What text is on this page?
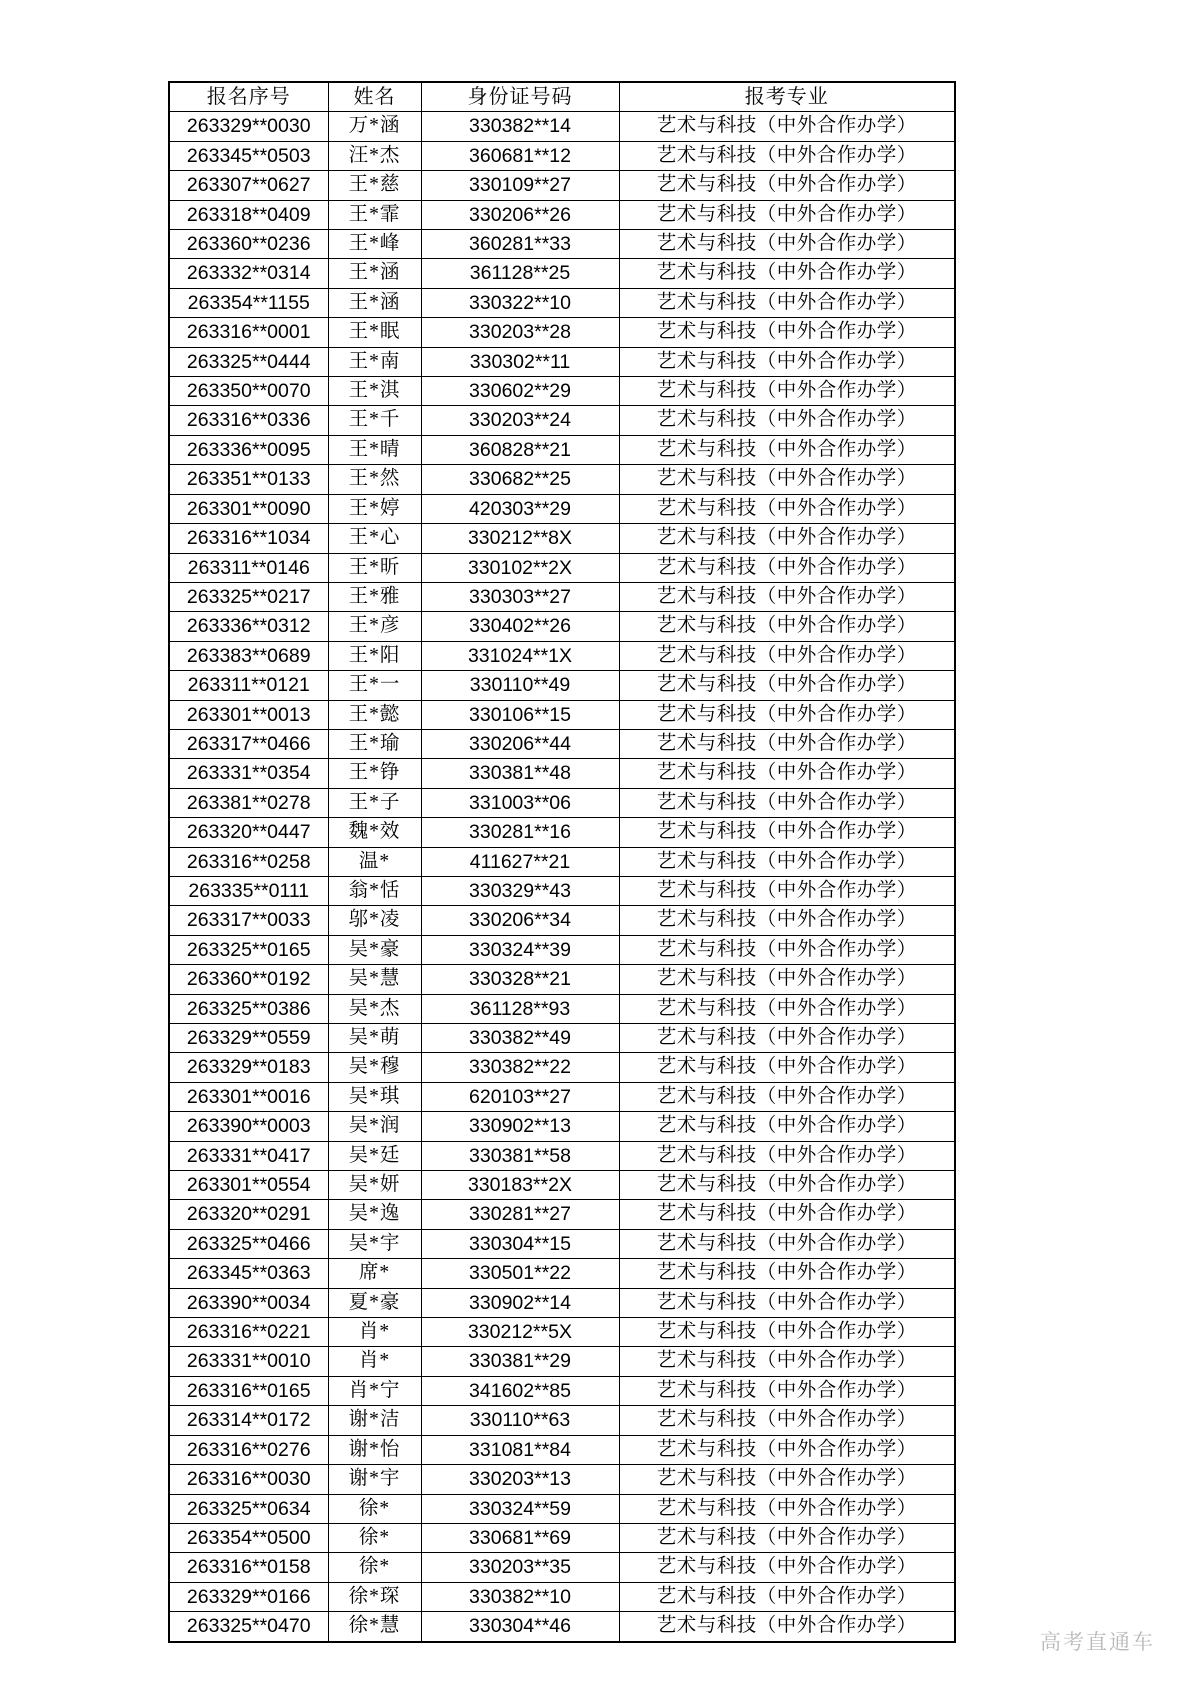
报名序号	姓名	身份证号码	报考专业
263329**0030	万*涵	330382**14	艺术与科技（中外合作办学）
263345**0503	汪*杰	360681**12	艺术与科技（中外合作办学）
263307**0627	王*慈	330109**27	艺术与科技（中外合作办学）
263318**0409	王*霏	330206**26	艺术与科技（中外合作办学）
263360**0236	王*峰	360281**33	艺术与科技（中外合作办学）
263332**0314	王*涵	361128**25	艺术与科技（中外合作办学）
263354**1155	王*涵	330322**10	艺术与科技（中外合作办学）
263316**0001	王*眠	330203**28	艺术与科技（中外合作办学）
263325**0444	王*南	330302**11	艺术与科技（中外合作办学）
263350**0070	王*淇	330602**29	艺术与科技（中外合作办学）
263316**0336	王*千	330203**24	艺术与科技（中外合作办学）
263336**0095	王*晴	360828**21	艺术与科技（中外合作办学）
263351**0133	王*然	330682**25	艺术与科技（中外合作办学）
263301**0090	王*婷	420303**29	艺术与科技（中外合作办学）
263316**1034	王*心	330212**8X	艺术与科技（中外合作办学）
263311**0146	王*昕	330102**2X	艺术与科技（中外合作办学）
263325**0217	王*雅	330303**27	艺术与科技（中外合作办学）
263336**0312	王*彦	330402**26	艺术与科技（中外合作办学）
263383**0689	王*阳	331024**1X	艺术与科技（中外合作办学）
263311**0121	王*一	330110**49	艺术与科技（中外合作办学）
263301**0013	王*懿	330106**15	艺术与科技（中外合作办学）
263317**0466	王*瑜	330206**44	艺术与科技（中外合作办学）
263331**0354	王*铮	330381**48	艺术与科技（中外合作办学）
263381**0278	王*子	331003**06	艺术与科技（中外合作办学）
263320**0447	魏*效	330281**16	艺术与科技（中外合作办学）
263316**0258	温*	411627**21	艺术与科技（中外合作办学）
263335**0111	翁*恬	330329**43	艺术与科技（中外合作办学）
263317**0033	邬*凌	330206**34	艺术与科技（中外合作办学）
263325**0165	吴*豪	330324**39	艺术与科技（中外合作办学）
263360**0192	吴*慧	330328**21	艺术与科技（中外合作办学）
263325**0386	吴*杰	361128**93	艺术与科技（中外合作办学）
263329**0559	吴*萌	330382**49	艺术与科技（中外合作办学）
263329**0183	吴*穆	330382**22	艺术与科技（中外合作办学）
263301**0016	吴*琪	620103**27	艺术与科技（中外合作办学）
263390**0003	吴*润	330902**13	艺术与科技（中外合作办学）
263331**0417	吴*廷	330381**58	艺术与科技（中外合作办学）
263301**0554	吴*妍	330183**2X	艺术与科技（中外合作办学）
263320**0291	吴*逸	330281**27	艺术与科技（中外合作办学）
263325**0466	吴*宇	330304**15	艺术与科技（中外合作办学）
263345**0363	席*	330501**22	艺术与科技（中外合作办学）
263390**0034	夏*豪	330902**14	艺术与科技（中外合作办学）
263316**0221	肖*	330212**5X	艺术与科技（中外合作办学）
263331**0010	肖*	330381**29	艺术与科技（中外合作办学）
263316**0165	肖*宁	341602**85	艺术与科技（中外合作办学）
263314**0172	谢*洁	330110**63	艺术与科技（中外合作办学）
263316**0276	谢*怡	331081**84	艺术与科技（中外合作办学）
263316**0030	谢*宇	330203**13	艺术与科技（中外合作办学）
263325**0634	徐*	330324**59	艺术与科技（中外合作办学）
263354**0500	徐*	330681**69	艺术与科技（中外合作办学）
263316**0158	徐*	330203**35	艺术与科技（中外合作办学）
263329**0166	徐*琛	330382**10	艺术与科技（中外合作办学）
263325**0470	徐*慧	330304**46	艺术与科技（中外合作办学）
高考直通车
